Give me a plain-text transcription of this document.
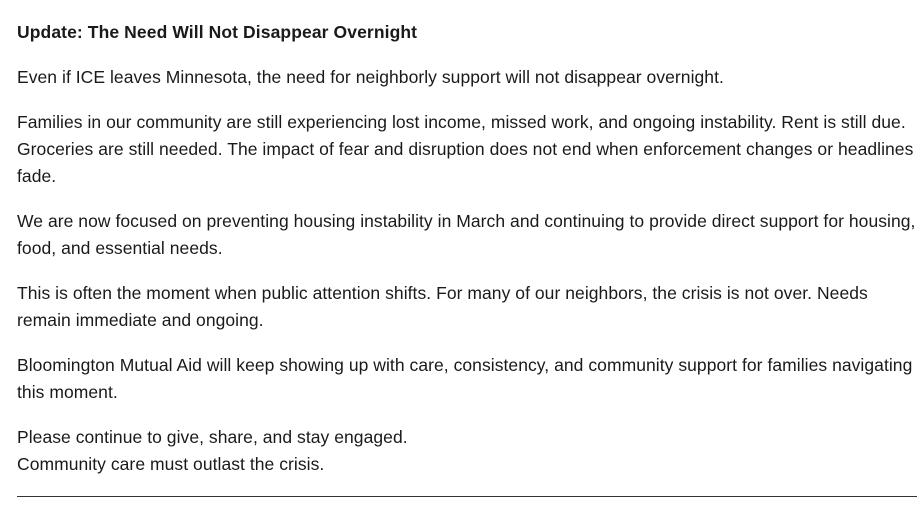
Update: The Need Will Not Disappear Overnight

Even if ICE leaves Minnesota, the need for neighborly support will not disappear overnight.

Families in our community are still experiencing lost income, missed work, and ongoing instability. Rent is still due. Groceries are still needed. The impact of fear and disruption does not end when enforcement changes or headlines fade.

We are now focused on preventing housing instability in March and continuing to provide direct support for housing, food, and essential needs.

This is often the moment when public attention shifts. For many of our neighbors, the crisis is not over. Needs remain immediate and ongoing.

Bloomington Mutual Aid will keep showing up with care, consistency, and community support for families navigating this moment.

Please continue to give, share, and stay engaged.
Community care must outlast the crisis.
